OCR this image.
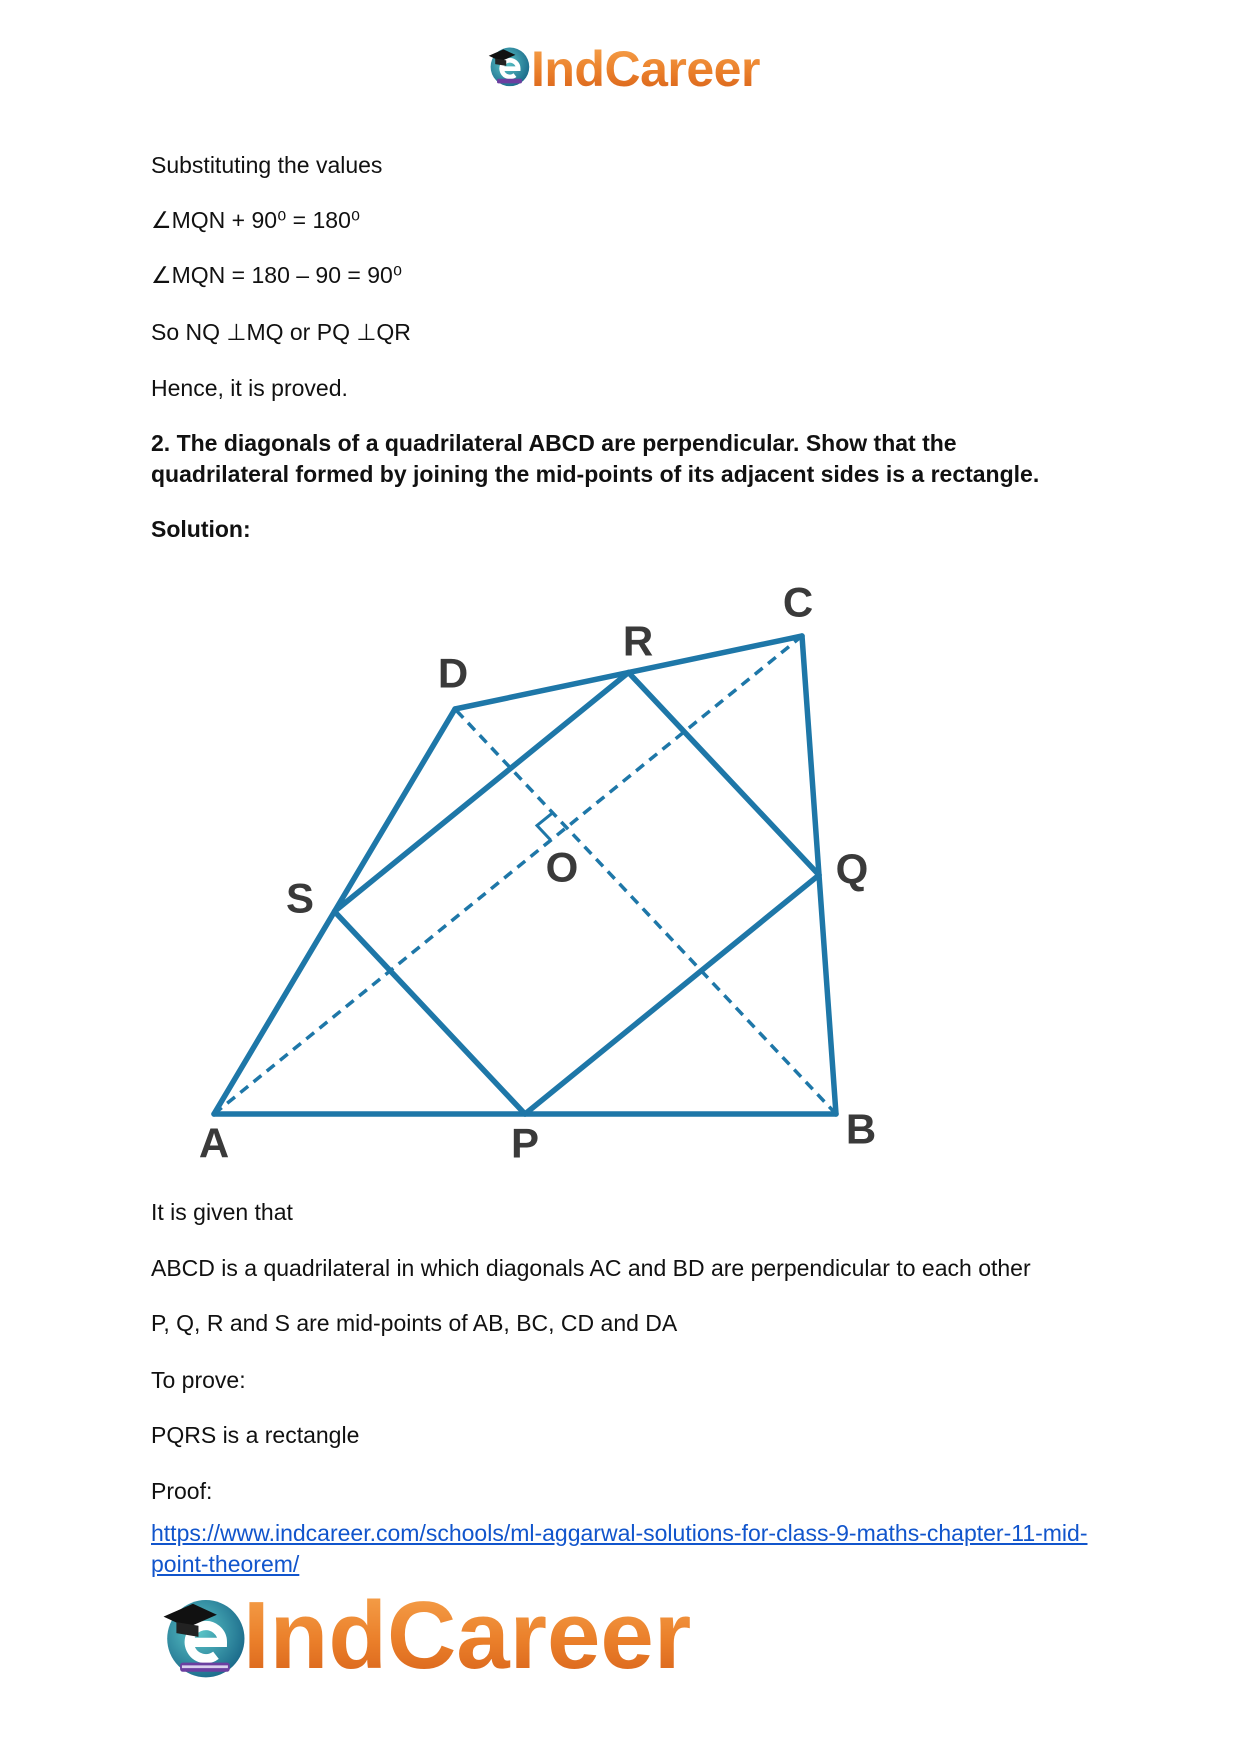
IndCareer
Substituting the values
∠MQN + 90⁰ = 180⁰
∠MQN = 180 – 90 = 90⁰
So NQ ⊥MQ or PQ ⊥QR
Hence, it is proved.
2. The diagonals of a quadrilateral ABCD are perpendicular. Show that the
quadrilateral formed by joining the mid-points of its adjacent sides is a rectangle.
Solution:
A	B
C
D
P
Q
R
S
O
It is given that
ABCD is a quadrilateral in which diagonals AC and BD are perpendicular to each other
P, Q, R and S are mid-points of AB, BC, CD and DA
To prove:
PQRS is a rectangle
Proof:
https://www.indcareer.com/schools/ml-aggarwal-solutions-for-class-9-maths-chapter-11-mid-
point-theorem/
IndCareer
